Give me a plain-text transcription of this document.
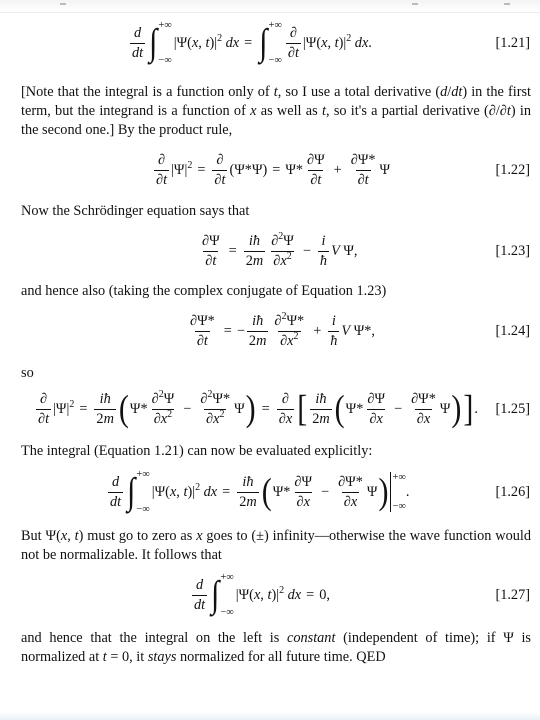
$\frac{d}{dt}$ ∫ +∞
−∞
|Ψ(x, $t)|^2$ dx = ∫ +∞
−∞ $\frac{\partial}{\partial t} |\Psi(x$, $t)|^2$ dx.	[1.21]
[Note that the integral is a function only of t, so I use a total derivative (d/dt) in the first term, but the integrand is a function of x as well as t, so it's a partial derivative (∂/∂t) in the second one.] By the product rule,
$\frac{\partial}{\partial t} |\Psi|^2 = \frac{\partial}{\partial t} (\Psi*\Psi) = \Psi* \frac{\partial\Psi}{\partial t} + \frac{\partial\Psi*}{\partial t}$ Ψ	[1.22]
Now the Schrödinger equation says that
$\frac{\partial\Psi}{\partial t} = \frac{iħ}{2m} \frac{\partial^2\Psi}{\partial x^2} - \frac{i}{ħ}$ V Ψ,	[1.23]
and hence also (taking the complex conjugate of Equation 1.23)
$\frac{\partial\Psi*}{\partial t}$ = − $\frac{iħ}{2m} \frac{\partial^2\Psi*}{\partial x^2} + \frac{i}{ħ}$ V Ψ*,	[1.24]
so
$\frac{\partial}{\partial t} |\Psi|^2 = \frac{iħ}{2m}$ ( $\Psi* \frac{\partial^2\Psi}{\partial x^2} - \frac{\partial^2\Psi*}{\partial x^2}$ Ψ ) = $\frac{\partial}{\partial x}$ [ $\frac{iħ}{2m}$ ( $\Psi* \frac{\partial\Psi}{\partial x} - \frac{\partial\Psi*}{\partial x}$ Ψ ) ] . [1.25]
The integral (Equation 1.21) can now be evaluated explicitly:
$\frac{d}{dt}$ ∫ +∞
−∞
|Ψ(x, $t)|^2$ dx = $\frac{iħ}{2m}$ ( $\Psi* \frac{\partial\Psi}{\partial x} - \frac{\partial\Psi*}{\partial x}$ Ψ ) +∞
−∞
.	[1.26]
But Ψ(x, t) must go to zero as x goes to (±) infinity—otherwise the wave function would not be normalizable. It follows that
$\frac{d}{dt}$ ∫ +∞
−∞
|Ψ(x, $t)|^2$ dx = 0,	[1.27]
and hence that the integral on the left is constant (independent of time); if Ψ is normalized at t = 0, it stays normalized for all future time. QED
